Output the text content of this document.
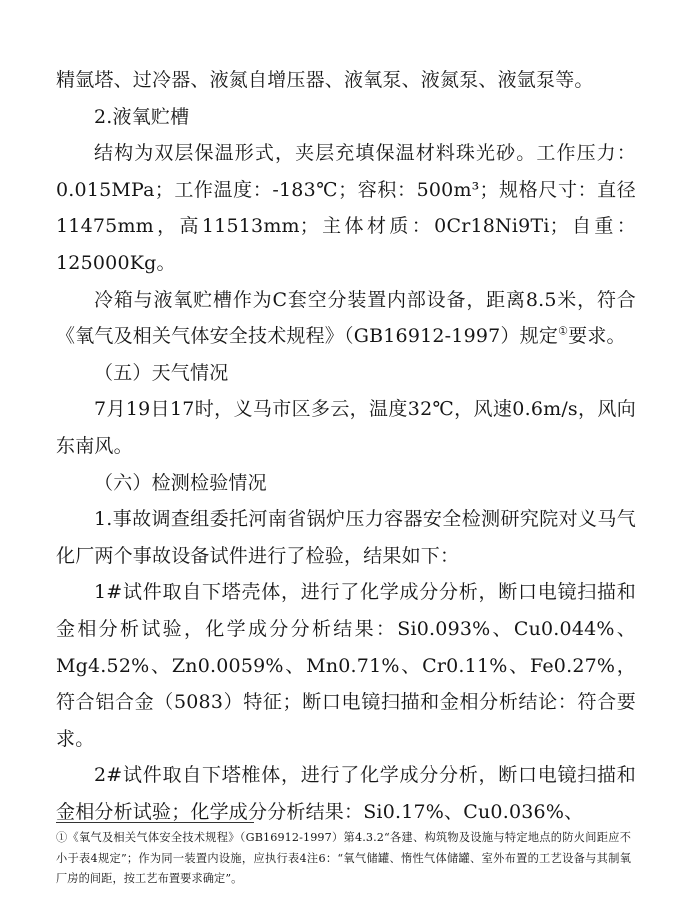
精氩塔、过冷器、液氮自增压器、液氧泵、液氮泵、液氩泵等。

2.液氧贮槽

结构为双层保温形式，夹层充填保温材料珠光砂。工作压力：0.015MPa；工作温度：-183℃；容积：500m³；规格尺寸：直径11475mm，高11513mm；主体材质：0Cr18Ni9Ti；自重：125000Kg。

冷箱与液氧贮槽作为C套空分装置内部设备，距离8.5米，符合《氧气及相关气体安全技术规程》（GB16912-1997）规定①要求。

（五）天气情况

7月19日17时，义马市区多云，温度32℃，风速0.6m/s，风向东南风。

（六）检测检验情况

1.事故调查组委托河南省锅炉压力容器安全检测研究院对义马气化厂两个事故设备试件进行了检验，结果如下：

1#试件取自下塔壳体，进行了化学成分分析，断口电镜扫描和金相分析试验，化学成分分析结果：Si0.093%、Cu0.044%、Mg4.52%、Zn0.0059%、Mn0.71%、Cr0.11%、Fe0.27%，符合铝合金（5083）特征；断口电镜扫描和金相分析结论：符合要求。

2#试件取自下塔椎体，进行了化学成分分析，断口电镜扫描和金相分析试验；化学成分分析结果：Si0.17%、Cu0.036%、

①《氧气及相关气体安全技术规程》（GB16912-1997）第4.3.2“各建、构筑物及设施与特定地点的防火间距应不小于表4规定”；作为同一装置内设施，应执行表4注6：“氧气储罐、惰性气体储罐、室外布置的工艺设备与其制氧厂房的间距，按工艺布置要求确定”。
